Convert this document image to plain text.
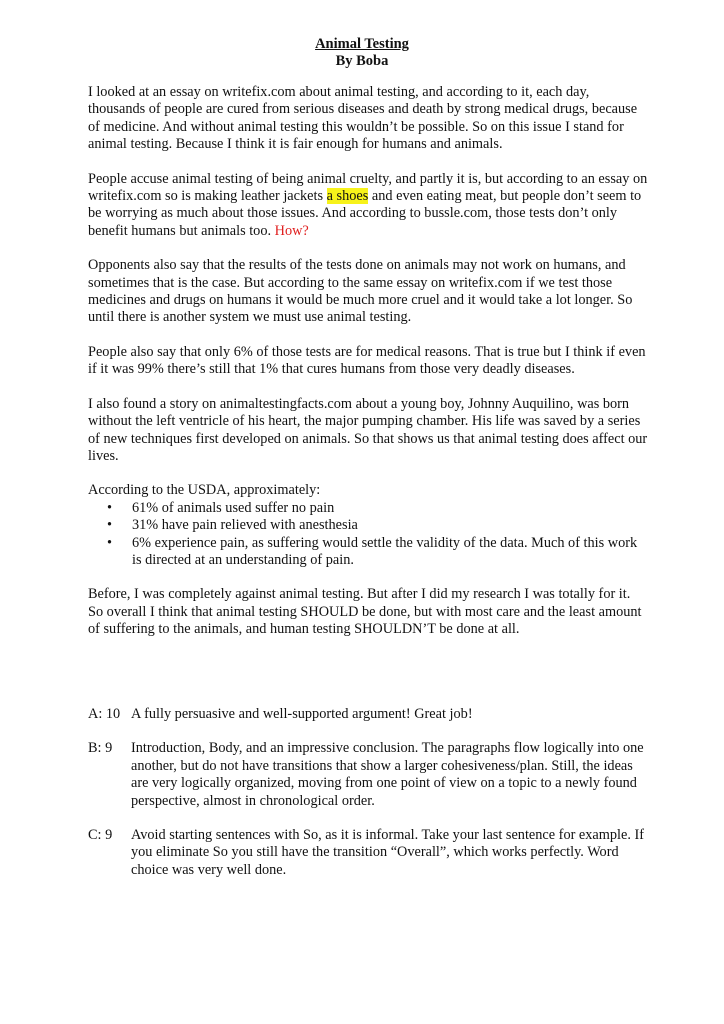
Animal Testing
By Boba

I looked at an essay on writefix.com about animal testing, and according to it, each day, thousands of people are cured from serious diseases and death by strong medical drugs, because of medicine. And without animal testing this wouldn’t be possible. So on this issue I stand for animal testing. Because I think it is fair enough for humans and animals.

People accuse animal testing of being animal cruelty, and partly it is, but according to an essay on writefix.com so is making leather jackets a shoes and even eating meat, but people don’t seem to be worrying as much about those issues. And according to bussle.com, those tests don’t only benefit humans but animals too. How?

Opponents also say that the results of the tests done on animals may not work on humans, and sometimes that is the case. But according to the same essay on writefix.com if we test those medicines and drugs on humans it would be much more cruel and it would take a lot longer. So until there is another system we must use animal testing.

People also say that only 6% of those tests are for medical reasons. That is true but I think if even if it was 99% there’s still that 1% that cures humans from those very deadly diseases.

I also found a story on animaltestingfacts.com about a young boy, Johnny Auquilino, was born without the left ventricle of his heart, the major pumping chamber. His life was saved by a series of new techniques first developed on animals. So that shows us that animal testing does affect our lives.

According to the USDA, approximately:
• 61% of animals used suffer no pain
• 31% have pain relieved with anesthesia
• 6% experience pain, as suffering would settle the validity of the data. Much of this work is directed at an understanding of pain.

Before, I was completely against animal testing. But after I did my research I was totally for it. So overall I think that animal testing SHOULD be done, but with most care and the least amount of suffering to the animals, and human testing SHOULDN’T be done at all.

A: 10 A fully persuasive and well-supported argument! Great job!
B: 9	Introduction, Body, and an impressive conclusion. The paragraphs flow logically into one another, but do not have transitions that show a larger cohesiveness/plan. Still, the ideas are very logically organized, moving from one point of view on a topic to a newly found perspective, almost in chronological order.
C: 9	Avoid starting sentences with So, as it is informal. Take your last sentence for example. If you eliminate So you still have the transition “Overall”, which works perfectly. Word choice was very well done.
